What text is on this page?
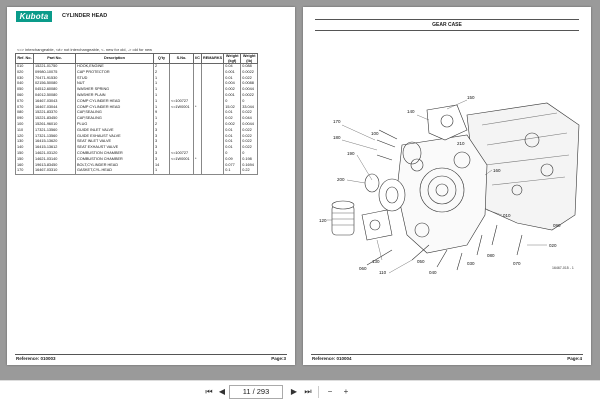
Kubota	CYLINDER HEAD
<=> interchangeable, <≠> not interchangeable, <- new for old, -> old for new
Ref. No.	Part No.	Description	Q'ty	S.No.	I/C	REMARKS	Weight (kgf)	Weight (lb)
010	15221-01750	HOOK,ENGINE	2				0.04	0.088
020	09980-10075	CAP PROTECTOR	2				0.001	0.0022
030	70471-91530	STUD	1				0.01	0.022
040	02156-50080	NUT	1				0.004	0.0088
050	04512-60080	WASHER SPRING	1				0.002	0.0044
060	04012-50080	WASHER PLAIN	1				0.001	0.0022
070	16467-03043	COMP CYLINDER HEAD	1	<=100727			0	0
070	16467-03044	COMP CYLINDER HEAD	1	<=1W0001	*		15.02	33.044
080	15221-83370	CAP,SEALING	9				0.01	0.022
090	15221-83450	CAP,SEALING	1				0.02	0.044
100	15261-96010	PLUG	2				0.002	0.0044
110	17321-13560	GUIDE INLET VALVE	3				0.01	0.022
120	17321-13560	GUIDE EXHAUST VALVE	3				0.01	0.022
130	16415-13620	SEAT INLET VALVE	3				0.01	0.022
140	16415-13612	SEAT EXHAUST VALVE	3				0.01	0.022
150	14621-03120	COMBUSTION CHAMBER	3	<=100727			0	0
150	14621-03140	COMBUSTION CHAMBER	3	<=1W0001	*		0.09	0.198
160	19613-83450	BOLT,CYLINDER HEAD	14				0.077	0.1694
170	16467-03310	GASKET,CYL.HEAD	1				0.1	0.22
Reference: 010003	Page:3
GEAR CASE
170
180
190
200
120
130
110
140
150
160
010
020
030
040
050
060
070
080
090
100
210
16467-015 - 1
Reference: 010004	Page:4
⏮ ◀	11 / 293	▶ ⏭	−	+
